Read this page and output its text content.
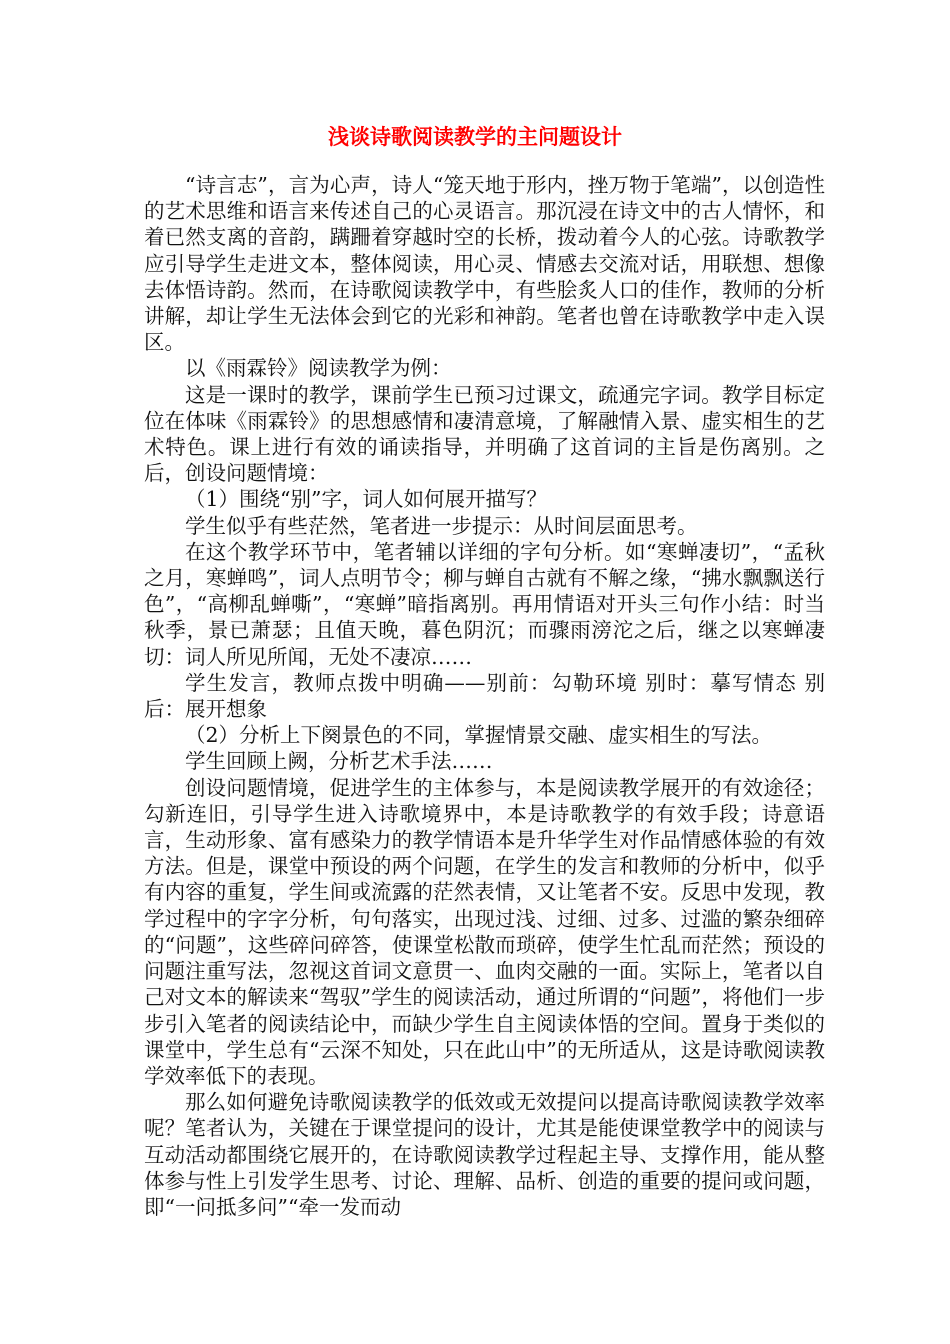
浅谈诗歌阅读教学的主问题设计

“诗言志”，言为心声，诗人“笼天地于形内，挫万物于笔端”，以创造性的艺术思维和语言来传述自己的心灵语言。那沉浸在诗文中的古人情怀，和着已然支离的音韵，蹒跚着穿越时空的长桥，拨动着今人的心弦。诗歌教学应引导学生走进文本，整体阅读，用心灵、情感去交流对话，用联想、想像去体悟诗韵。然而，在诗歌阅读教学中，有些脍炙人口的佳作，教师的分析讲解，却让学生无法体会到它的光彩和神韵。笔者也曾在诗歌教学中走入误区。

以《雨霖铃》阅读教学为例：

这是一课时的教学，课前学生已预习过课文，疏通完字词。教学目标定位在体味《雨霖铃》的思想感情和凄清意境，了解融情入景、虚实相生的艺术特色。课上进行有效的诵读指导，并明确了这首词的主旨是伤离别。之后，创设问题情境：

（1）围绕“别”字，词人如何展开描写？

学生似乎有些茫然，笔者进一步提示：从时间层面思考。

在这个教学环节中，笔者辅以详细的字句分析。如“寒蝉凄切”，“孟秋之月，寒蝉鸣”，词人点明节令；柳与蝉自古就有不解之缘，“拂水飘飘送行色”，“高柳乱蝉嘶”，“寒蝉”暗指离别。再用情语对开头三句作小结：时当秋季，景已萧瑟；且值天晚，暮色阴沉；而骤雨滂沱之后，继之以寒蝉凄切：词人所见所闻，无处不凄凉……

学生发言，教师点拨中明确——别前：勾勒环境 别时：摹写情态 别后：展开想象

（2）分析上下阕景色的不同，掌握情景交融、虚实相生的写法。

学生回顾上阙，分析艺术手法……

创设问题情境，促进学生的主体参与，本是阅读教学展开的有效途径；勾新连旧，引导学生进入诗歌境界中，本是诗歌教学的有效手段；诗意语言，生动形象、富有感染力的教学情语本是升华学生对作品情感体验的有效方法。但是，课堂中预设的两个问题，在学生的发言和教师的分析中，似乎有内容的重复，学生间或流露的茫然表情，又让笔者不安。反思中发现，教学过程中的字字分析，句句落实，出现过浅、过细、过多、过滥的繁杂细碎的“问题”，这些碎问碎答，使课堂松散而琐碎，使学生忙乱而茫然；预设的问题注重写法，忽视这首词文意贯一、血肉交融的一面。实际上，笔者以自己对文本的解读来“驾驭”学生的阅读活动，通过所谓的“问题”，将他们一步步引入笔者的阅读结论中，而缺少学生自主阅读体悟的空间。置身于类似的课堂中，学生总有“云深不知处，只在此山中”的无所适从，这是诗歌阅读教学效率低下的表现。

那么如何避免诗歌阅读教学的低效或无效提问以提高诗歌阅读教学效率呢？笔者认为，关键在于课堂提问的设计，尤其是能使课堂教学中的阅读与互动活动都围绕它展开的，在诗歌阅读教学过程起主导、支撑作用，能从整体参与性上引发学生思考、讨论、理解、品析、创造的重要的提问或问题，即“一问抵多问”“牵一发而动
